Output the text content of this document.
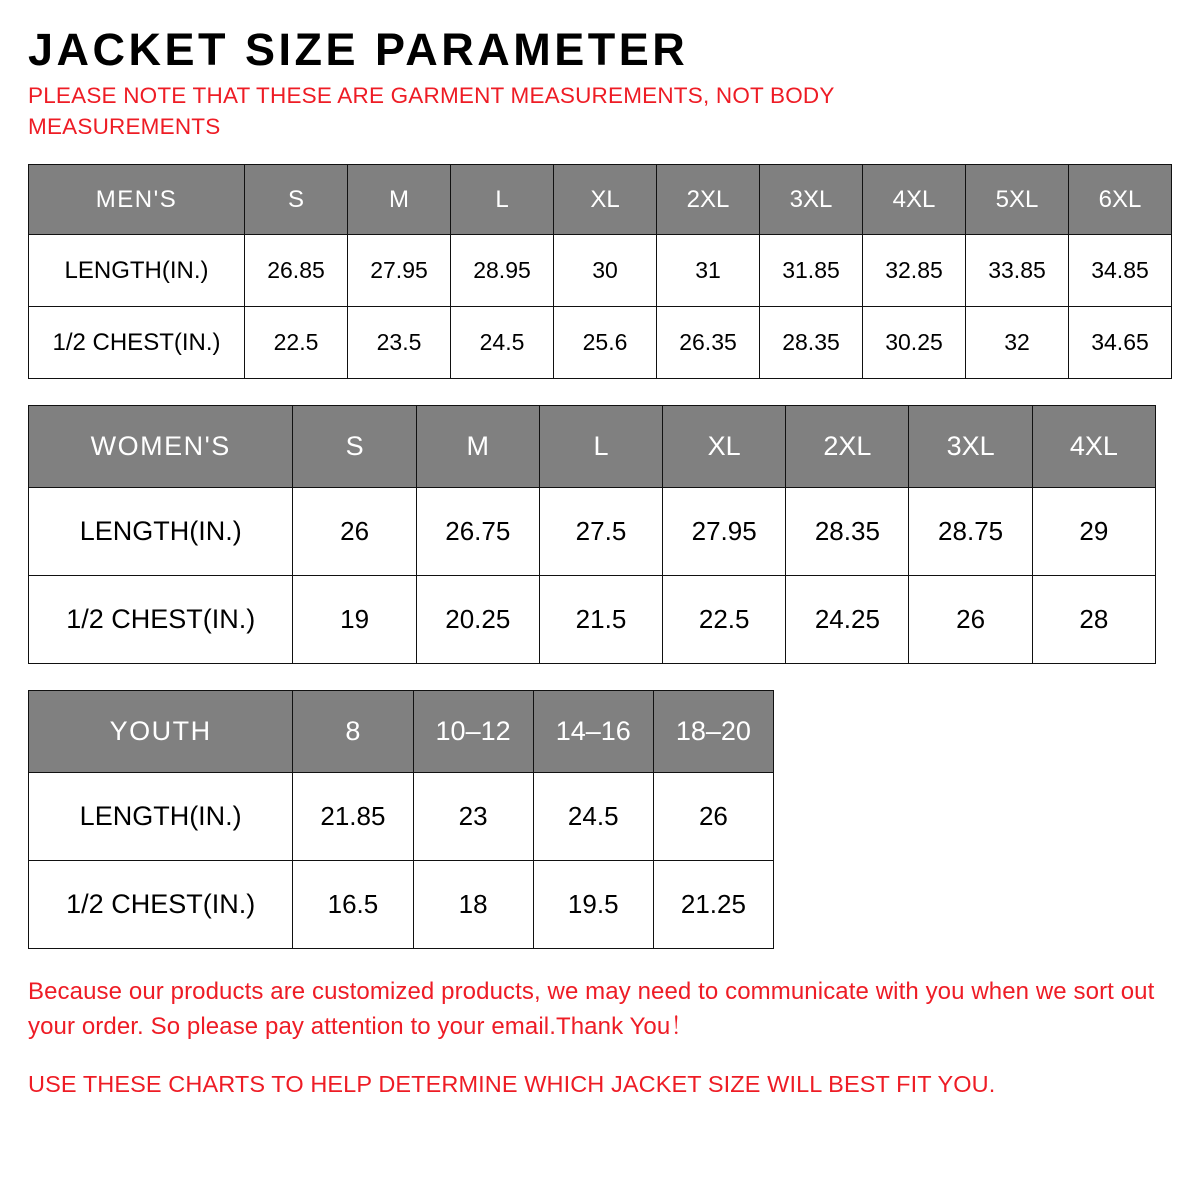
JACKET SIZE PARAMETER

PLEASE NOTE THAT THESE ARE GARMENT MEASUREMENTS, NOT BODY MEASUREMENTS

MEN'S	S	M	L	XL	2XL	3XL	4XL	5XL	6XL
LENGTH(IN.)	26.85	27.95	28.95	30	31	31.85	32.85	33.85	34.85
1/2 CHEST(IN.)	22.5	23.5	24.5	25.6	26.35	28.35	30.25	32	34.65
WOMEN'S	S	M	L	XL	2XL	3XL	4XL
LENGTH(IN.)	26	26.75	27.5	27.95	28.35	28.75	29
1/2 CHEST(IN.)	19	20.25	21.5	22.5	24.25	26	28
YOUTH	8	10–12	14–16	18–20
LENGTH(IN.)	21.85	23	24.5	26
1/2 CHEST(IN.)	16.5	18	19.5	21.25

Because our products are customized products, we may need to communicate with you when we sort out your order. So please pay attention to your email.Thank You！

USE THESE CHARTS TO HELP DETERMINE WHICH JACKET SIZE WILL BEST FIT YOU.
